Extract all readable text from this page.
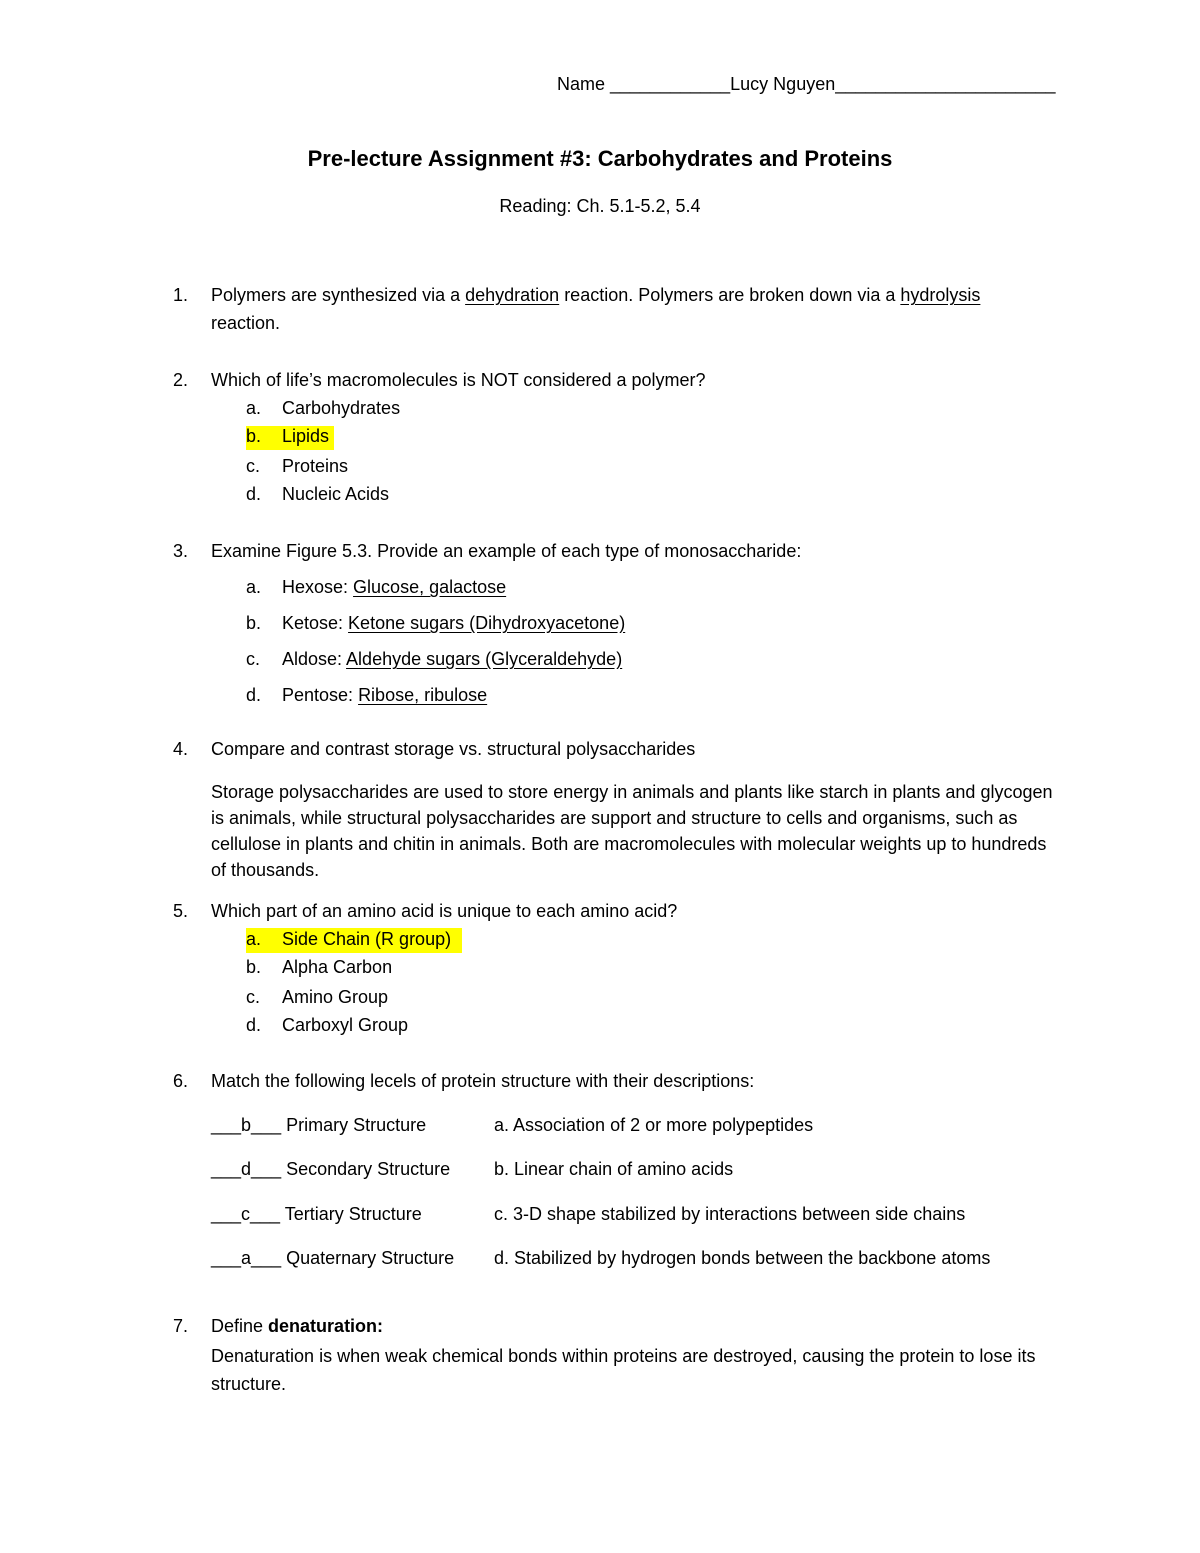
Name ____________Lucy Nguyen______________________
Pre-lecture Assignment #3: Carbohydrates and Proteins
Reading: Ch. 5.1-5.2, 5.4
1.	Polymers are synthesized via a dehydration reaction. Polymers are broken down via a hydrolysis
reaction.
2.	Which of life’s macromolecules is NOT considered a polymer?
a. Carbohydrates
b. Lipids
c. Proteins
d. Nucleic Acids
3.	Examine Figure 5.3. Provide an example of each type of monosaccharide:
a. Hexose: Glucose, galactose
b. Ketose: Ketone sugars (Dihydroxyacetone)
c. Aldose: Aldehyde sugars (Glyceraldehyde)
d. Pentose: Ribose, ribulose
4.	Compare and contrast storage vs. structural polysaccharides
Storage polysaccharides are used to store energy in animals and plants like starch in plants and glycogen is animals, while structural polysaccharides are support and structure to cells and organisms, such as cellulose in plants and chitin in animals. Both are macromolecules with molecular weights up to hundreds of thousands.
5.	Which part of an amino acid is unique to each amino acid?
a. Side Chain (R group)
b. Alpha Carbon
c. Amino Group
d. Carboxyl Group
6.	Match the following lecels of protein structure with their descriptions:
___b___ Primary Structure	a. Association of 2 or more polypeptides
___d___ Secondary Structure b. Linear chain of amino acids
___c___ Tertiary Structure	c. 3-D shape stabilized by interactions between side chains
___a___ Quaternary Structure d. Stabilized by hydrogen bonds between the backbone atoms
7.	Define denaturation:
Denaturation is when weak chemical bonds within proteins are destroyed, causing the protein to lose its structure.
